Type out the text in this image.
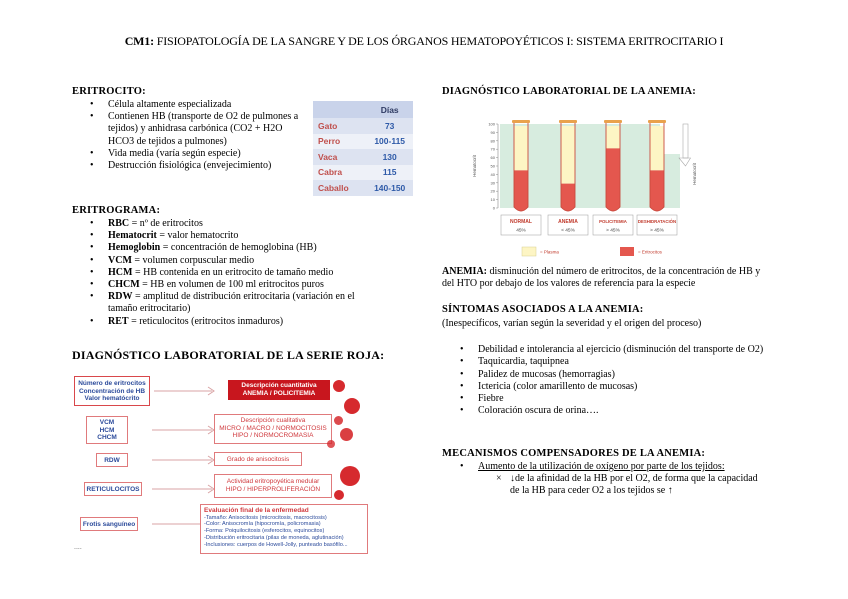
CM1: FISIOPATOLOGÍA DE LA SANGRE Y DE LOS ÓRGANOS HEMATOPOYÉTICOS I: SISTEMA ERITROCITARIO I
ERITROCITO:
• Célula altamente especializada
• Contienen HB (transporte de O2 de pulmones a tejidos) y anhidrasa carbónica (CO2 + H2O     HCO3 de tejidos a pulmones)
• Vida media (varía según especie)
• Destrucción fisiológica (envejecimiento)
	Días
Gato	73
Perro	100-115
Vaca	130
Cabra	115
Caballo	140-150
ERITROGRAMA:
• RBC = nº de eritrocitos
• Hematocrit = valor hematocrito
• Hemoglobin = concentración de hemoglobina (HB)
• VCM = volumen corpuscular medio
• HCM = HB contenida en un eritrocito de tamaño medio
• CHCM = HB en volumen de 100 ml eritrocitos puros
• RDW = amplitud de distribución eritrocitaria (variación en el tamaño eritrocitario)
• RET = reticulocitos (eritrocitos inmaduros)
DIAGNÓSTICO LABORATORIAL DE LA SERIE ROJA:
Número de eritrocitos
Concentración de HB
Valor hematócrito
VCM
HCM
CHCM
RDW
RETICULOCITOS
Frotis sanguíneo
Descripción cuantitativa
ANEMIA / POLICITEMIA
Descripción cualitativa
MICRO / MACRO / NORMOCITOSIS
HIPO / NORMOCROMASIA
Grado de anisocitosis
Actividad eritropoyética medular
HIPO / HIPERPROLIFERACIÓN
Evaluación final de la enfermedad
-Tamaño: Anisocitosis (microcitosis, macrocitosis)
-Color: Anisocromía (hipocromía, policromasia)
-Forma: Poiquilocitosis (esferocitos, equinocitos)
-Distribución eritrocitaria (pilas de moneda, aglutinación)
-Inclusiones: cuerpos de Howell-Jolly, punteado basófilo...
....
DIAGNÓSTICO LABORATORIAL DE LA ANEMIA:
100
90
80
70
60
50
40
30
20
10
0
Hematocrit
NORMAL
45%
ANEMIA
< 45%
POLICITEMIA
> 45%
DESHIDRATACIÓN
> 45%
Hematocrit
= Plasma	= Eritrocitos
ANEMIA: disminución del número de eritrocitos, de la concentración de HB y del HTO por debajo de los valores de referencia para la especie
SÍNTOMAS ASOCIADOS A LA ANEMIA:
(Inespecíficos, varían según la severidad y el origen del proceso)
• Debilidad e intolerancia al ejercicio (disminución del transporte de O2)
• Taquicardia, taquipnea
• Palidez de mucosas (hemorragias)
• Ictericia (color amarillento de mucosas)
• Fiebre
• Coloración oscura de orina….
MECANISMOS COMPENSADORES DE LA ANEMIA:
• Aumento de la utilización de oxígeno por parte de los tejidos:
× ↓de la afinidad de la HB por el O2, de forma que la capacidad de la HB para ceder O2 a los tejidos se ↑
